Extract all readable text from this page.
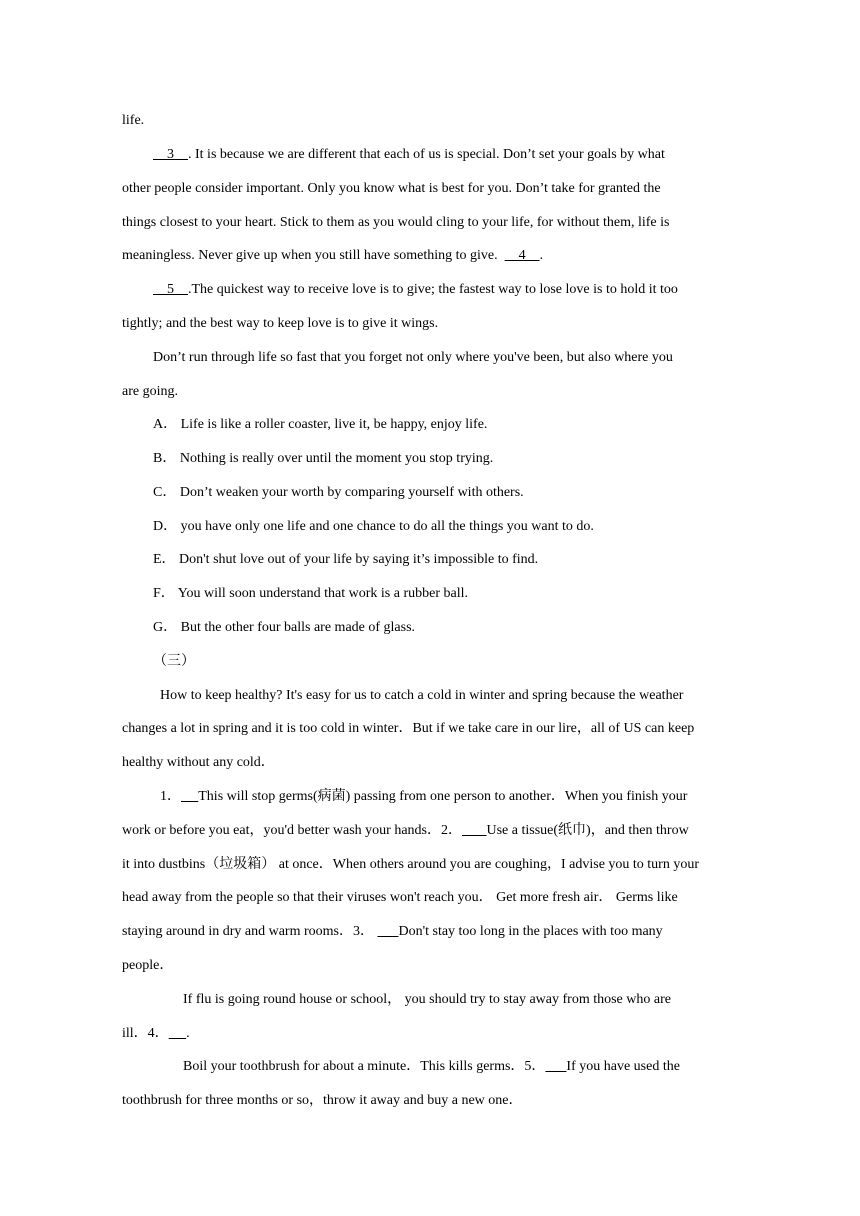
life.
3    . It is because we are different that each of us is special. Don’t set your goals by what
other people consider important. Only you know what is best for you. Don’t take for granted the
things closest to your heart. Stick to them as you would cling to your life, for without them, life is
meaningless. Never give up when you still have something to give.      4    .
5    .The quickest way to receive love is to give; the fastest way to lose love is to hold it too
tightly; and the best way to keep love is to give it wings.
Don’t run through life so fast that you forget not only where you've been, but also where you
are going.
A． Life is like a roller coaster, live it, be happy, enjoy life.
B． Nothing is really over until the moment you stop trying.
C． Don’t weaken your worth by comparing yourself with others.
D． you have only one life and one chance to do all the things you want to do.
E． Don't shut love out of your life by saying it’s impossible to find.
F． You will soon understand that work is a rubber ball.
G． But the other four balls are made of glass.
（三）
How to keep healthy? It's easy for us to catch a cold in winter and spring because the weather
changes a lot in spring and it is too cold in winter．But if we take care in our lire，all of US can keep
healthy without any cold．
1． This will stop germs(病菌) passing from one person to another．When you finish your
work or before you eat，you'd better wash your hands．2． Use a tissue(纸巾)，and then throw
it into dustbins（垃圾箱） at once．When others around you are coughing，I advise you to turn your
head away from the people so that their viruses won't reach you． Get more fresh air． Germs like
staying around in dry and warm rooms．3．       Don't stay too long in the places with too many
people．
If flu is going round house or school， you should try to stay away from those who are
ill．4． .
Boil your toothbrush for about a minute．This kills germs．5． If you have used the
toothbrush for three months or so，throw it away and buy a new one．
